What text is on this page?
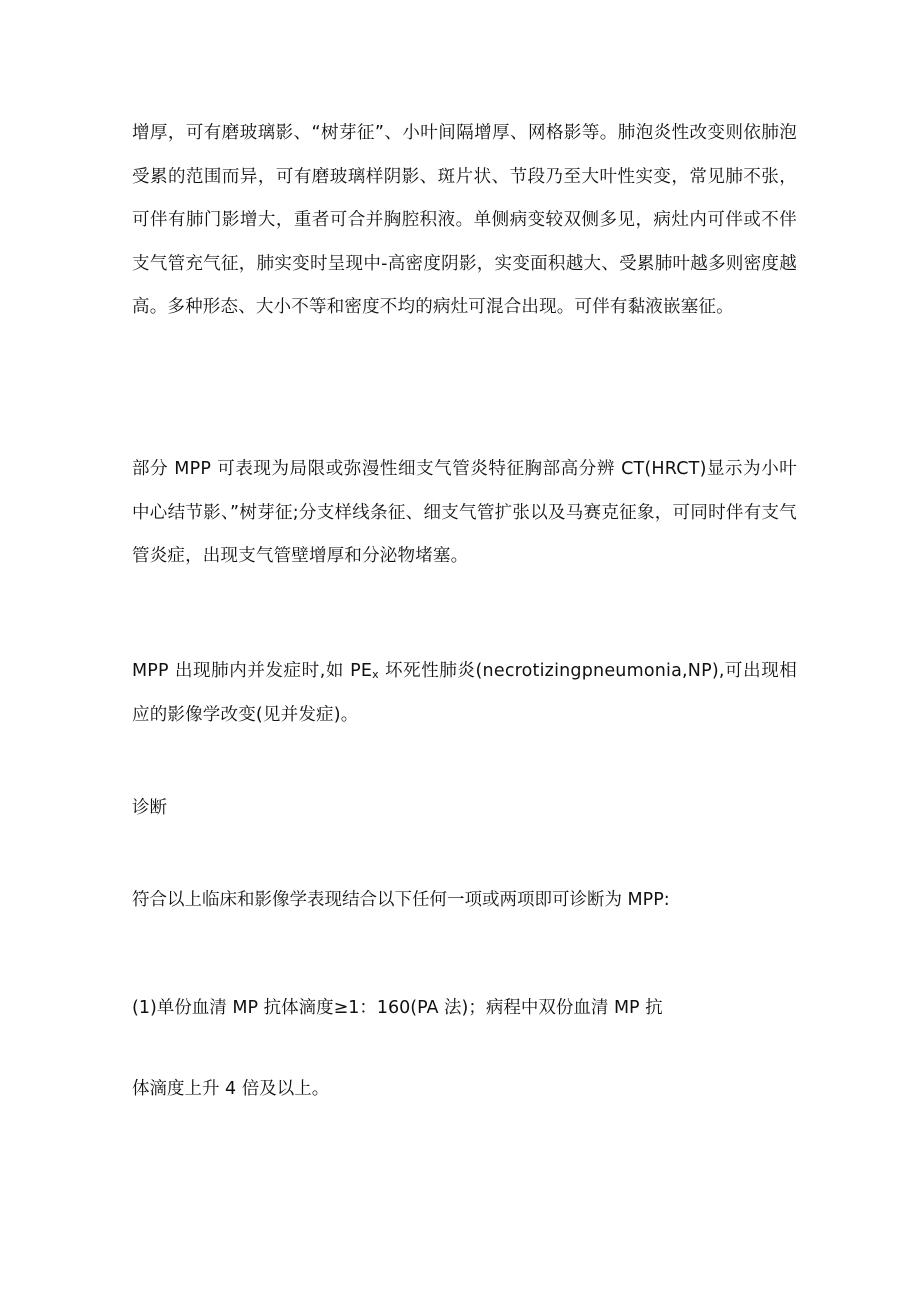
增厚，可有磨玻璃影、“树芽征”、小叶间隔增厚、网格影等。肺泡炎性改变则依肺泡受累的范围而异，可有磨玻璃样阴影、斑片状、节段乃至大叶性实变，常见肺不张，可伴有肺门影增大，重者可合并胸腔积液。单侧病变较双侧多见，病灶内可伴或不伴支气管充气征，肺实变时呈现中-高密度阴影，实变面积越大、受累肺叶越多则密度越高。多种形态、大小不等和密度不均的病灶可混合出现。可伴有黏液嵌塞征。

部分 MPP 可表现为局限或弥漫性细支气管炎特征胸部高分辨 CT(HRCT)显示为小叶中心结节影、”树芽征;分支样线条征、细支气管扩张以及马赛克征象，可同时伴有支气管炎症，出现支气管壁增厚和分泌物堵塞。

MPP 出现肺内并发症时,如 $PE_x$ 坏死性肺炎(necrotizingpneumonia,NP),可出现相应的影像学改变(见并发症)。

诊断

符合以上临床和影像学表现结合以下任何一项或两项即可诊断为 MPP:

(1)单份血清 MP 抗体滴度≥1：160(PA 法)；病程中双份血清 MP 抗

体滴度上升 4 倍及以上。
